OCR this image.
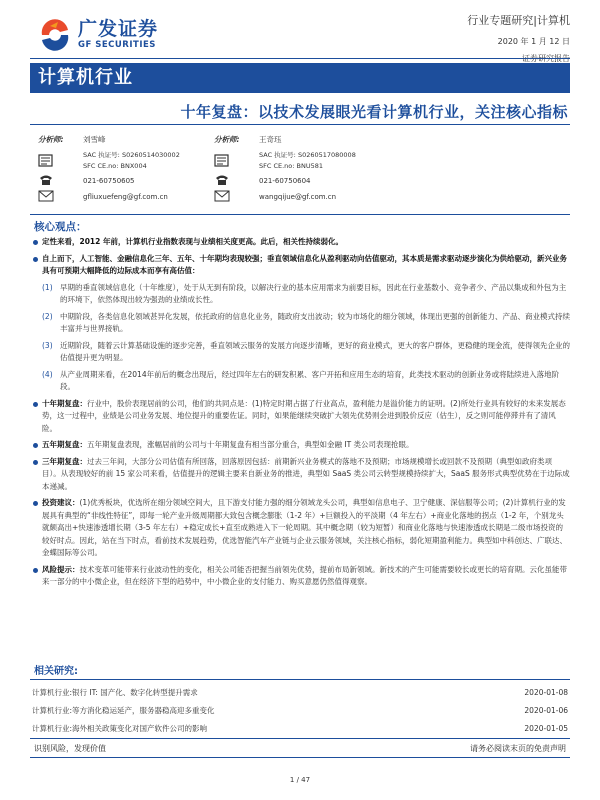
广发证券
GF SECURITIES
行业专题研究|计算机
2020 年 1 月 12 日
证券研究报告
计算机行业
十年复盘：以技术发展眼光看计算机行业，关注核心指标
分析师:	刘雪峰
SAC 执证号: S0260514030002
SFC CE.no: BNX004
021-60750605
gfliuxuefeng@gf.com.cn
分析师:	王奇珏
SAC 执证号: S0260517080008
SFC CE.no: BNU581
021-60750604
wangqijue@gf.com.cn
核心观点：

定性来看，2012 年前，计算机行业指数表现与业绩相关度更高。此后，相关性持续弱化。

自上而下，人工智能、金融信息化三年、五年、十年期均表现较强；垂直领域信息化从盈利驱动向估值驱动，其本质是需求驱动逐步演化为供给驱动，新兴业务具有可预期大幅降低的边际成本而享有高估值：

(1) 早期的垂直领域信息化（十年维度），处于从无到有阶段，以解决行业的基本应用需求为前要目标，因此在行业基数小、竞争者少、产品以集成和外包为主的环境下，依然体现出较为强劲的业绩成长性。

(2) 中期阶段，各类信息化领域甚异化发展，依托政府的信息化业务，随政府支出波动；较为市场化的细分领域，体现出更强的创新能力、产品、商业模式持续丰富并与世界接轨。

(3) 近期阶段，随着云计算基础设施的逐步完善，垂直领域云服务的发展方向逐步清晰，更好的商业模式，更大的客户群体，更稳健的现金流，使得领先企业的估值提升更为明显。

(4) 从产业周期来看，在2014年前后的概念出现后，经过四年左右的研发积累、客户开拓和应用生态的培育，此类技术驱动的创新业务或将陆续进入落地阶段。

十年期复盘：行业中，股价表现居前的公司，他们的共同点是：(1)特定时期占据了行业高点，盈利能力是溢价能力的证明。(2)所处行业具有较好的未来发展态势，这一过程中，业绩是公司业务发展、地位提升的重要佐证。同时，如果能继续突破扩大领先优势则会进到股价反应（估生），反之则可能停滞并有了清风险。

五年期复盘：五年期复盘表现，涨幅居前的公司与十年期复盘有相当部分重合，典型如金融 IT 类公司表现抢眼。

三年期复盘：过去三年间，大部分公司估值有所回落，回落原因包括：前期新兴业务模式的落地不及预期；市场规模增长或回款不及预期（典型如政府类项目）。从表现较好的前 15 家公司来看，估值提升的逻辑主要来自新业务的推进，典型如 SaaS 类公司云转型规模持续扩大，SaaS 服务形式典型优势在于边际成本递减。

投资建议：(1)优秀板块，优选所在细分领域空间大，且下游支付能力强的细分领域龙头公司，典型如信息电子、卫宁健康、深信服等公司；(2)计算机行业的发展具有典型的“非线性特征”，即每一轮产业升级周期都大致包含概念膨胀（1-2 年）+巨额投入的平淡期（4 年左右）+商业化落地的拐点（1-2 年，个别龙头就颇高出+快速渗透增长期（3-5 年左右）+稳定成长+直至成熟进入下一轮周期。其中概念期（较为短暂）和商业化落地与快速渗透成长期是二级市场投资的较好时点。因此，站在当下时点，看前技术发展趋势，优选智能汽车产业链与企业云服务领域，关注核心指标，弱化短期盈利能力。典型如中科创达、广联达、金蝶国际等公司。

风险提示：技术变革可能带来行业波动性的变化，相关公司能否把握当前领先优势，提前布局新领域。新技术的产生可能需要较长或更长的培育期。云化虽能带来一部分的中小微企业，但在经济下型的趋势中，中小微企业的支付能力、购买意愿仍然值得观察。

相关研究:
计算机行业:银行 IT: 国产化、数字化转型提升需求	2020-01-08
计算机行业:等方消化稳运延产，服务器稳高迎多重变化	2020-01-06
计算机行业:海外相关政策变化对国产软件公司的影响	2020-01-05
识别风险，发现价值	请务必阅读末页的免责声明
1 / 47
